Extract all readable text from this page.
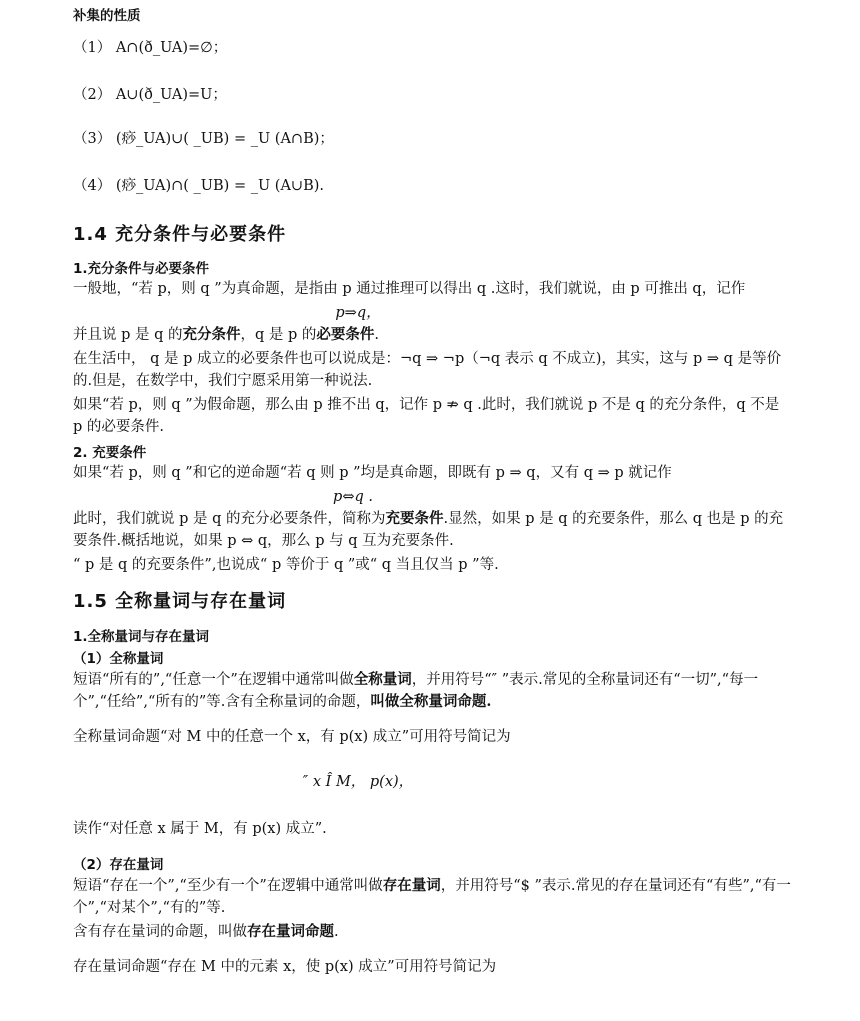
补集的性质
（1） A∩(ð_UA)=∅；
（2） A∪(ð_UA)=U；
（3） (痧_UA)∪( _UB) = _U (A∩B)；
（4） (痧_UA)∩( _UB) = _U (A∪B).
1.4 充分条件与必要条件
1.充分条件与必要条件
一般地，“若 p，则 q ”为真命题，是指由 p 通过推理可以得出 q .这时，我们就说，由 p 可推出 q，记作
p⇒q，
并且说 p 是 q 的充分条件，q 是 p 的必要条件.
在生活中， q 是 p 成立的必要条件也可以说成是：¬q ⇒ ¬p（¬q 表示 q 不成立)，其实，这与 p ⇒ q 是等价的.但是，在数学中，我们宁愿采用第一种说法.
如果“若 p，则 q ”为假命题，那么由 p 推不出 q，记作 p ⇏ q .此时，我们就说 p 不是 q 的充分条件，q 不是 p 的必要条件.
2. 充要条件
如果“若 p，则 q ”和它的逆命题“若 q 则 p ”均是真命题，即既有 p ⇒ q，又有 q ⇒ p 就记作
p⇔q .
此时，我们就说 p 是 q 的充分必要条件，简称为充要条件.显然，如果 p 是 q 的充要条件，那么 q 也是 p 的充要条件.概括地说，如果 p ⇔ q，那么 p 与 q 互为充要条件.
“ p 是 q 的充要条件”,也说成“ p 等价于 q ”或“ q 当且仅当 p ”等.
1.5 全称量词与存在量词
1.全称量词与存在量词
（1）全称量词
短语“所有的”,“任意一个”在逻辑中通常叫做全称量词，并用符号“″ ”表示.常见的全称量词还有“一切”,“每一个”,“任给”,“所有的”等.含有全称量词的命题，叫做全称量词命题.
全称量词命题“对 M 中的任意一个 x，有 p(x) 成立”可用符号简记为
″ x Î M， p(x)，
读作“对任意 x 属于 M，有 p(x) 成立”.
（2）存在量词
短语“存在一个”,“至少有一个”在逻辑中通常叫做存在量词，并用符号“$ ”表示.常见的存在量词还有“有些”,“有一个”,“对某个”,“有的”等.
含有存在量词的命题，叫做存在量词命题.
存在量词命题“存在 M 中的元素 x，使 p(x) 成立”可用符号简记为
